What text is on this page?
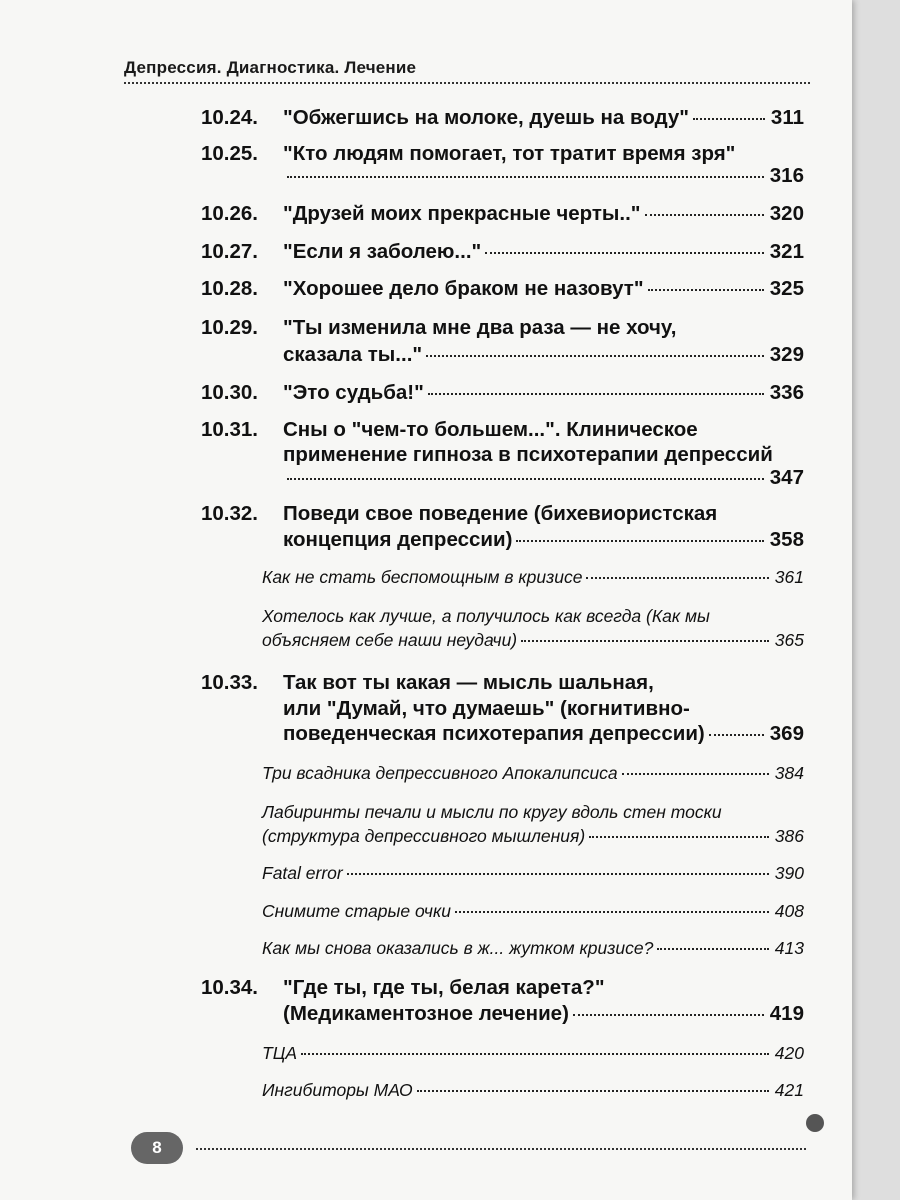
Депрессия. Диагностика. Лечение
10.24.	"Обжегшись на молоке, дуешь на воду"	311
10.25.	"Кто людям помогает, тот тратит время зря"
316
10.26.	"Друзей моих прекрасные черты.."	320
10.27.	"Если я заболею..."	321
10.28.	"Хорошее дело браком не назовут"	325
10.29.	"Ты изменила мне два раза — не хочу,
сказала ты..."	329
10.30.	"Это судьба!"	336
10.31.	Сны о "чем-то большем...". Клиническое
применение гипноза в психотерапии депрессий
347
10.32.	Поведи свое поведение (бихевиористская
концепция депрессии)	358
Как не стать беспомощным в кризисе	361
Хотелось как лучше, а получилось как всегда (Как мы
объясняем себе наши неудачи)	365
10.33.	Так вот ты какая — мысль шальная,
или "Думай, что думаешь" (когнитивно-
поведенческая психотерапия депрессии)	369
Три всадника депрессивного Апокалипсиса	384
Лабиринты печали и мысли по кругу вдоль стен тоски
(структура депрессивного мышления)	386
Fatal error	390
Снимите старые очки	408
Как мы снова оказались в ж... жутком кризисе?	413
10.34.	"Где ты, где ты, белая карета?"
(Медикаментозное лечение)	419
ТЦА	420
Ингибиторы МАО	421
8
